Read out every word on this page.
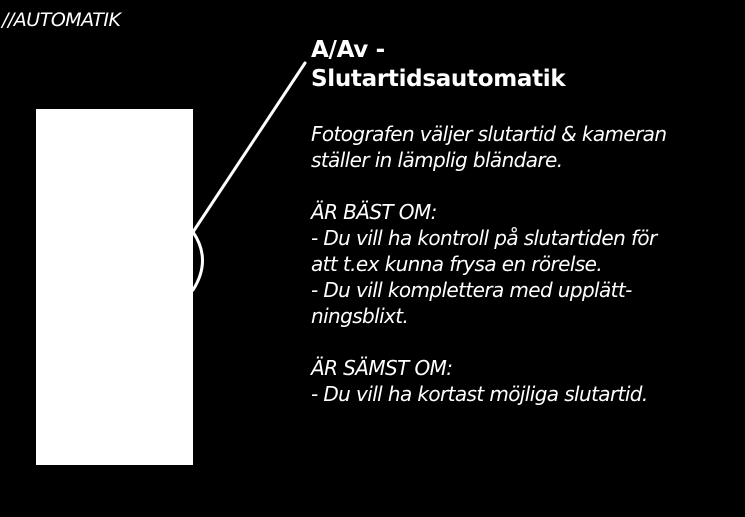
//AUTOMATIK
A/Av -
Slutartidsautomatik
Fotografen väljer slutartid & kameran
ställer in lämplig bländare.
ÄR BÄST OM:
- Du vill ha kontroll på slutartiden för
att t.ex kunna frysa en rörelse.
- Du vill komplettera med upplätt-
ningsblixt.
ÄR SÄMST OM:
- Du vill ha kortast möjliga slutartid.
